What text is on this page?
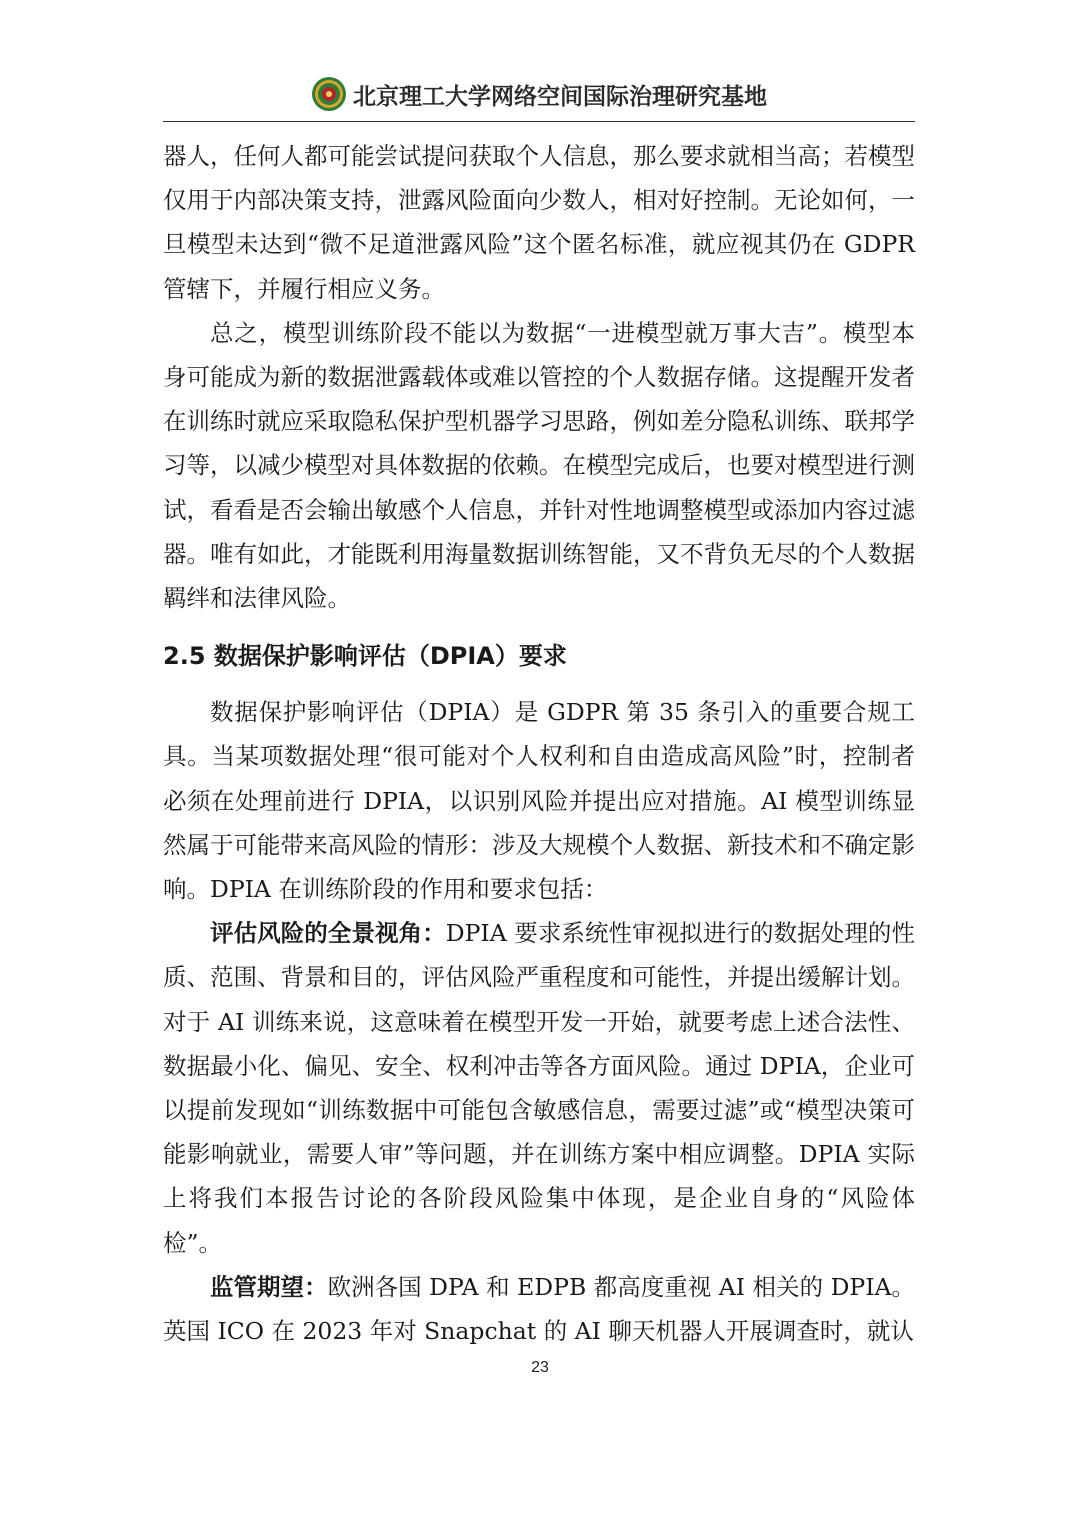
北京理工大学网络空间国际治理研究基地

器人，任何人都可能尝试提问获取个人信息，那么要求就相当高；若模型仅用于内部决策支持，泄露风险面向少数人，相对好控制。无论如何，一旦模型未达到“微不足道泄露风险”这个匿名标准，就应视其仍在 GDPR 管辖下，并履行相应义务。

总之，模型训练阶段不能以为数据“一进模型就万事大吉”。模型本身可能成为新的数据泄露载体或难以管控的个人数据存储。这提醒开发者在训练时就应采取隐私保护型机器学习思路，例如差分隐私训练、联邦学习等，以减少模型对具体数据的依赖。在模型完成后，也要对模型进行测试，看看是否会输出敏感个人信息，并针对性地调整模型或添加内容过滤器。唯有如此，才能既利用海量数据训练智能，又不背负无尽的个人数据羁绊和法律风险。

2.5 数据保护影响评估（DPIA）要求

数据保护影响评估（DPIA）是 GDPR 第 35 条引入的重要合规工具。当某项数据处理“很可能对个人权利和自由造成高风险”时，控制者必须在处理前进行 DPIA，以识别风险并提出应对措施。AI 模型训练显然属于可能带来高风险的情形：涉及大规模个人数据、新技术和不确定影响。DPIA 在训练阶段的作用和要求包括：

评估风险的全景视角：DPIA 要求系统性审视拟进行的数据处理的性质、范围、背景和目的，评估风险严重程度和可能性，并提出缓解计划。对于 AI 训练来说，这意味着在模型开发一开始，就要考虑上述合法性、数据最小化、偏见、安全、权利冲击等各方面风险。通过 DPIA，企业可以提前发现如“训练数据中可能包含敏感信息，需要过滤”或“模型决策可能影响就业，需要人审”等问题，并在训练方案中相应调整。DPIA 实际上将我们本报告讨论的各阶段风险集中体现，是企业自身的“风险体检”。

监管期望：欧洲各国 DPA 和 EDPB 都高度重视 AI 相关的 DPIA。英国 ICO 在 2023 年对 Snapchat 的 AI 聊天机器人开展调查时，就认

23
